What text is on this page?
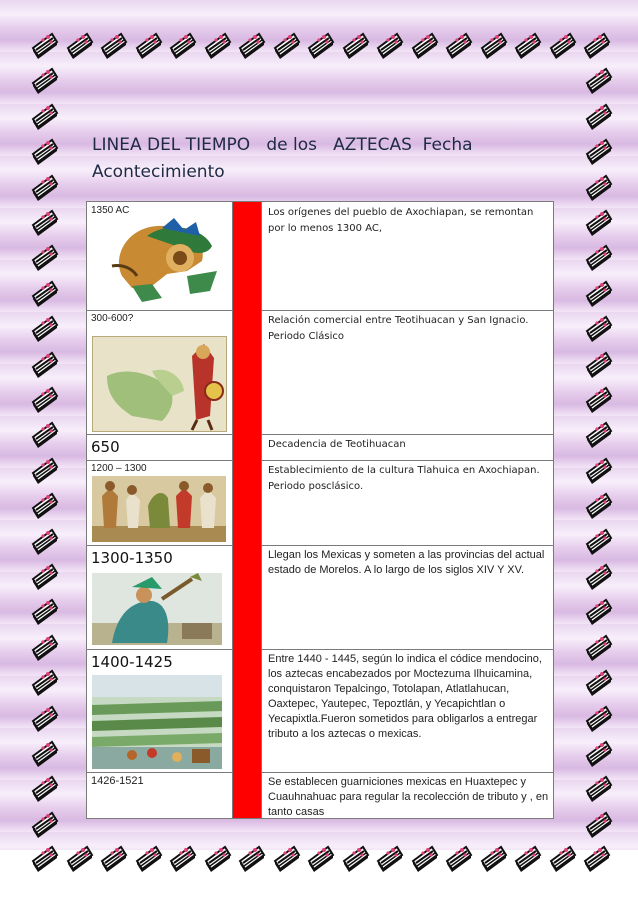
LINEA DEL TIEMPO   de los   AZTECAS  Fecha
Acontecimiento
1350 AC	Los orígenes del pueblo de Axochiapan, se remontan por lo menos 1300 AC,
300-600?	Relación comercial entre Teotihuacan y San Ignacio. Periodo Clásico
650	Decadencia de Teotihuacan
1200 – 1300	Establecimiento de la cultura Tlahuica en Axochiapan. Periodo posclásico.
1300-1350	Llegan los Mexicas y someten a las provincias del actual estado de Morelos. A lo largo de los siglos XIV Y XV.
1400-1425	Entre 1440 - 1445, según lo indica el códice mendocino, los aztecas encabezados por Moctezuma Ilhuicamina, conquistaron Tepalcingo, Totolapan, Atlatlahucan, Oaxtepec, Yautepec, Tepoztlán, y Yecapichtlan o Yecapixtla.Fueron sometidos para obligarlos a entregar tributo a los aztecas o mexicas.
1426-1521	Se establecen guarniciones mexicas en Huaxtepec y Cuauhnahuac para regular la recolección de tributo y , en tanto casas
